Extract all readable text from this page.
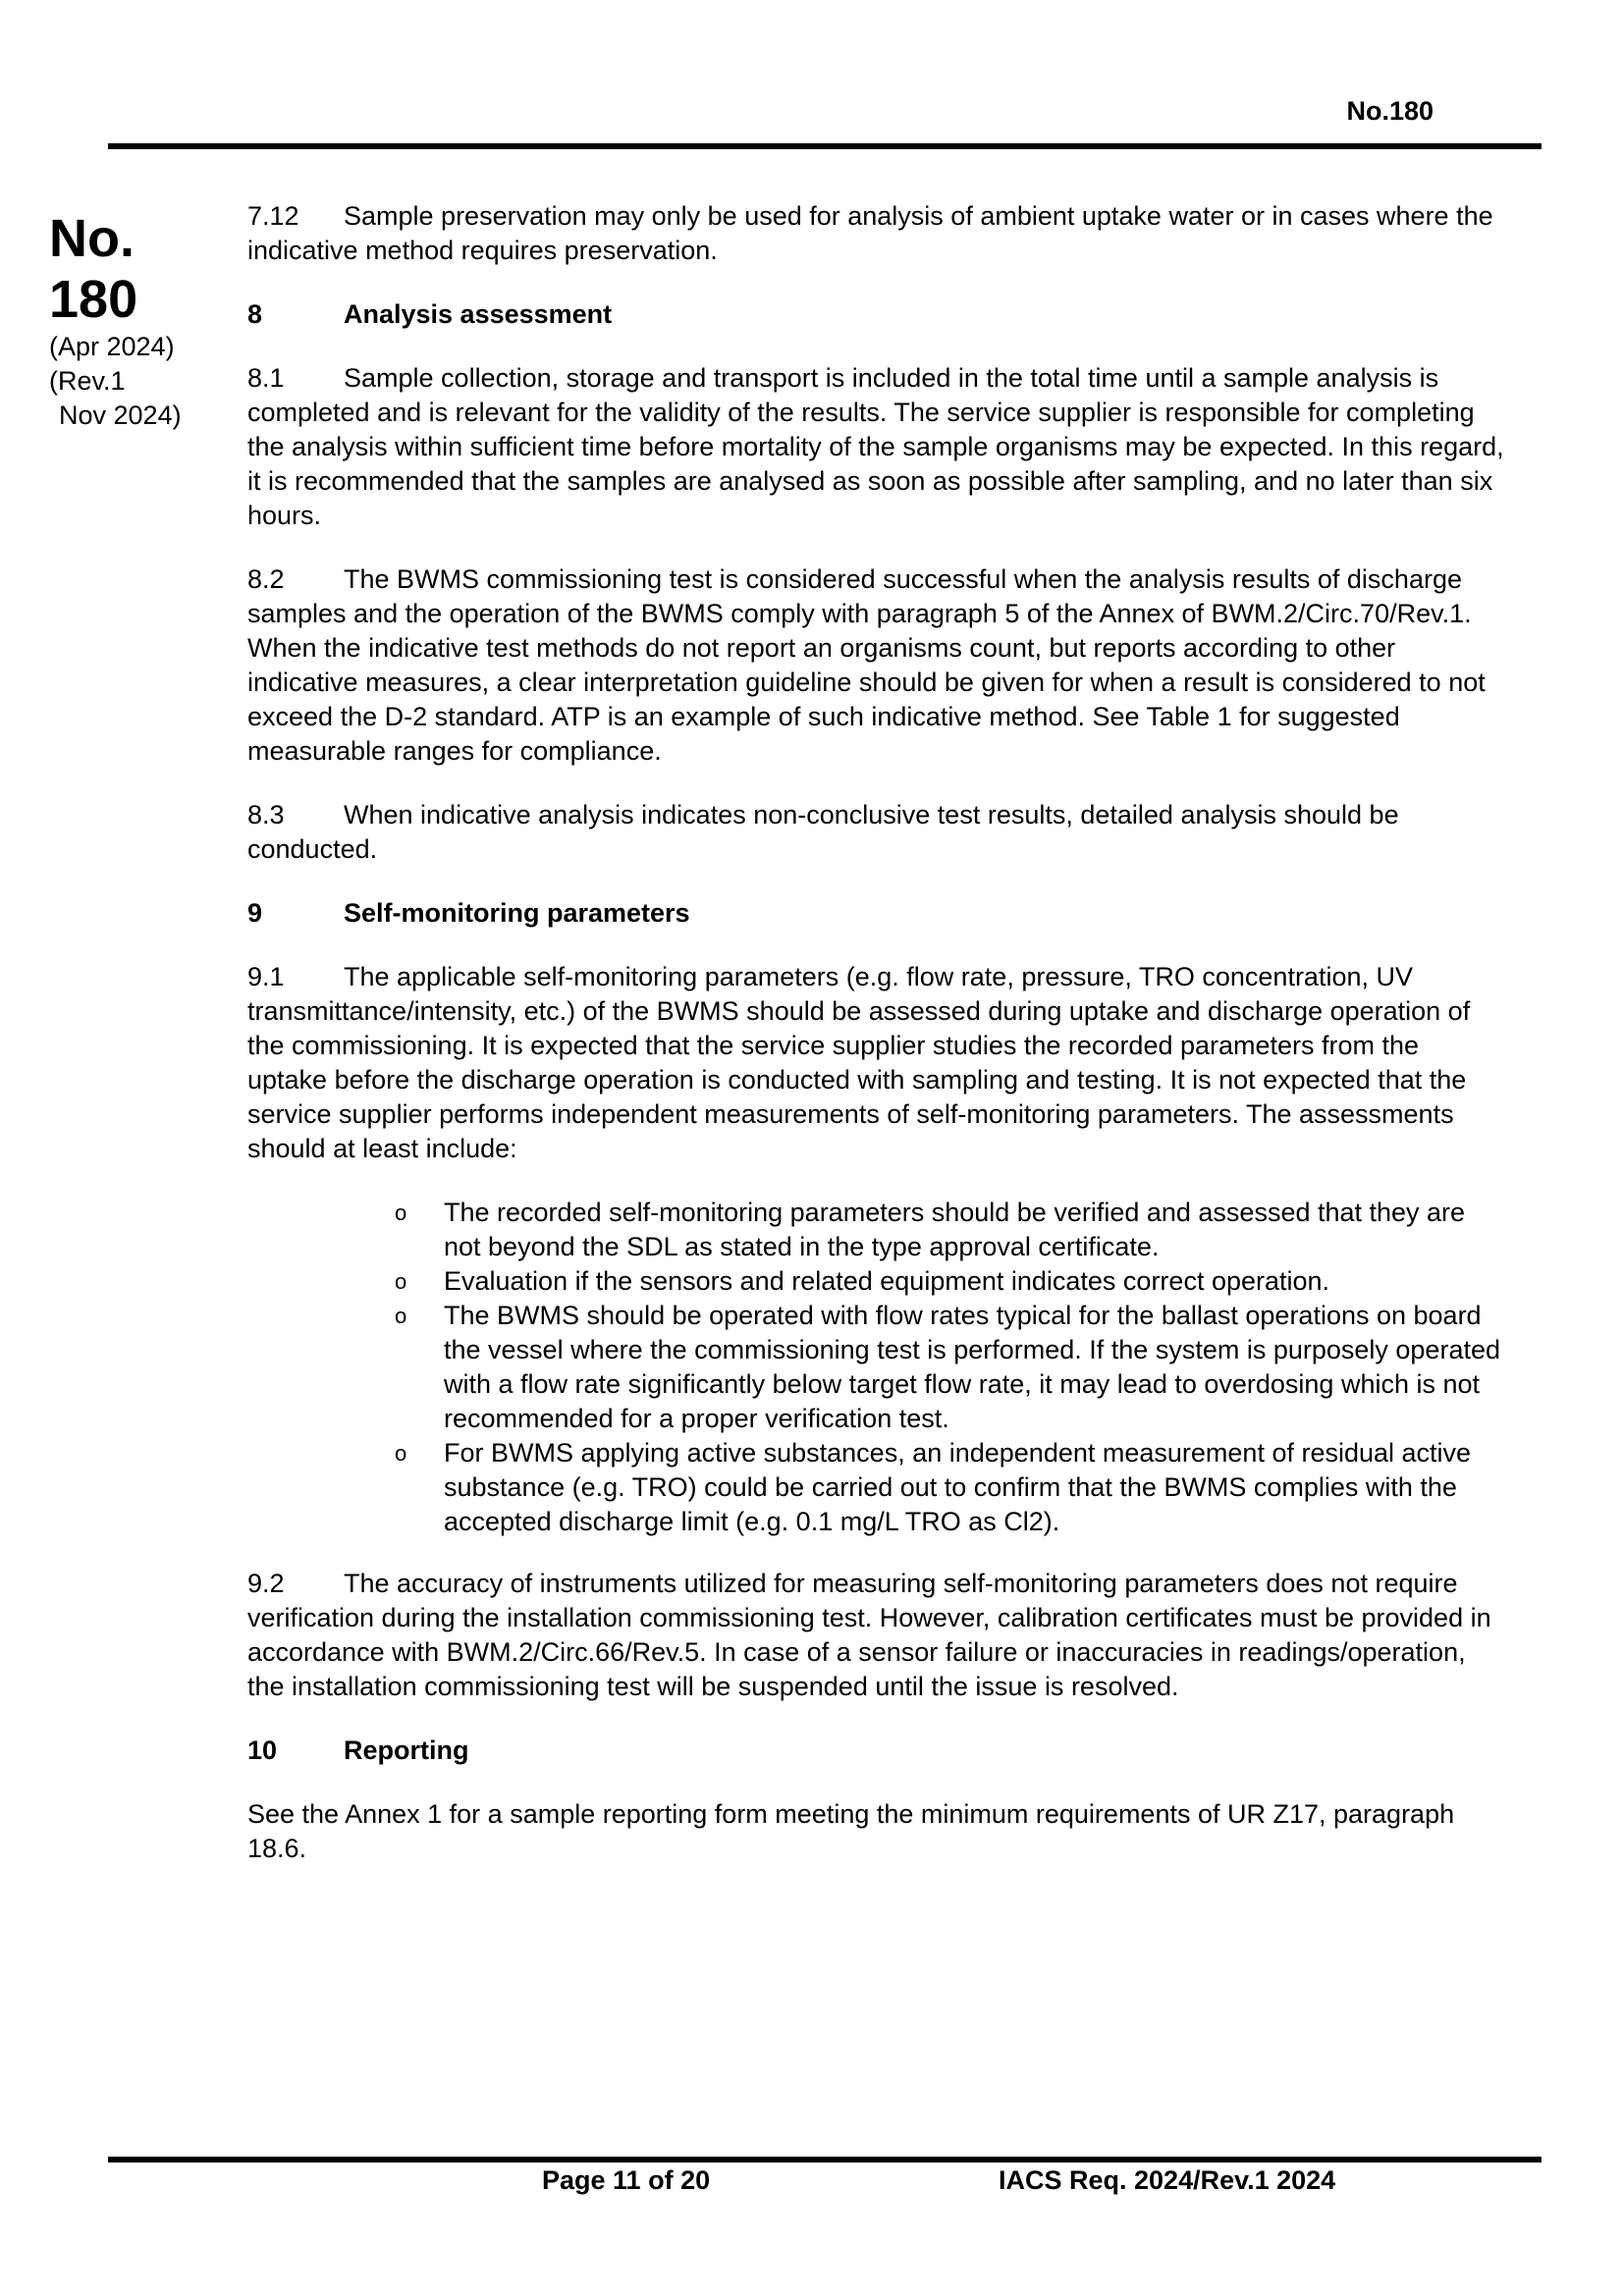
No.180
No.
180
(Apr 2024)
(Rev.1
Nov 2024)

7.12 Sample preservation may only be used for analysis of ambient uptake water or in cases where the indicative method requires preservation.

8	Analysis assessment

8.1 Sample collection, storage and transport is included in the total time until a sample analysis is completed and is relevant for the validity of the results. The service supplier is responsible for completing the analysis within sufficient time before mortality of the sample organisms may be expected. In this regard, it is recommended that the samples are analysed as soon as possible after sampling, and no later than six hours.

8.2 The BWMS commissioning test is considered successful when the analysis results of discharge samples and the operation of the BWMS comply with paragraph 5 of the Annex of BWM.2/Circ.70/Rev.1. When the indicative test methods do not report an organisms count, but reports according to other indicative measures, a clear interpretation guideline should be given for when a result is considered to not exceed the D-2 standard. ATP is an example of such indicative method. See Table 1 for suggested measurable ranges for compliance.

8.3 When indicative analysis indicates non-conclusive test results, detailed analysis should be conducted.

9	Self-monitoring parameters

9.1 The applicable self-monitoring parameters (e.g. flow rate, pressure, TRO concentration, UV transmittance/intensity, etc.) of the BWMS should be assessed during uptake and discharge operation of the commissioning. It is expected that the service supplier studies the recorded parameters from the uptake before the discharge operation is conducted with sampling and testing. It is not expected that the service supplier performs independent measurements of self-monitoring parameters. The assessments should at least include:

o The recorded self-monitoring parameters should be verified and assessed that they are not beyond the SDL as stated in the type approval certificate.
o Evaluation if the sensors and related equipment indicates correct operation.
o The BWMS should be operated with flow rates typical for the ballast operations on board the vessel where the commissioning test is performed. If the system is purposely operated with a flow rate significantly below target flow rate, it may lead to overdosing which is not recommended for a proper verification test.
o For BWMS applying active substances, an independent measurement of residual active substance (e.g. TRO) could be carried out to confirm that the BWMS complies with the accepted discharge limit (e.g. 0.1 mg/L TRO as Cl2).

9.2 The accuracy of instruments utilized for measuring self-monitoring parameters does not require verification during the installation commissioning test. However, calibration certificates must be provided in accordance with BWM.2/Circ.66/Rev.5. In case of a sensor failure or inaccuracies in readings/operation, the installation commissioning test will be suspended until the issue is resolved.

10	Reporting

See the Annex 1 for a sample reporting form meeting the minimum requirements of UR Z17, paragraph 18.6.

Page 11 of 20	IACS Req. 2024/Rev.1 2024
